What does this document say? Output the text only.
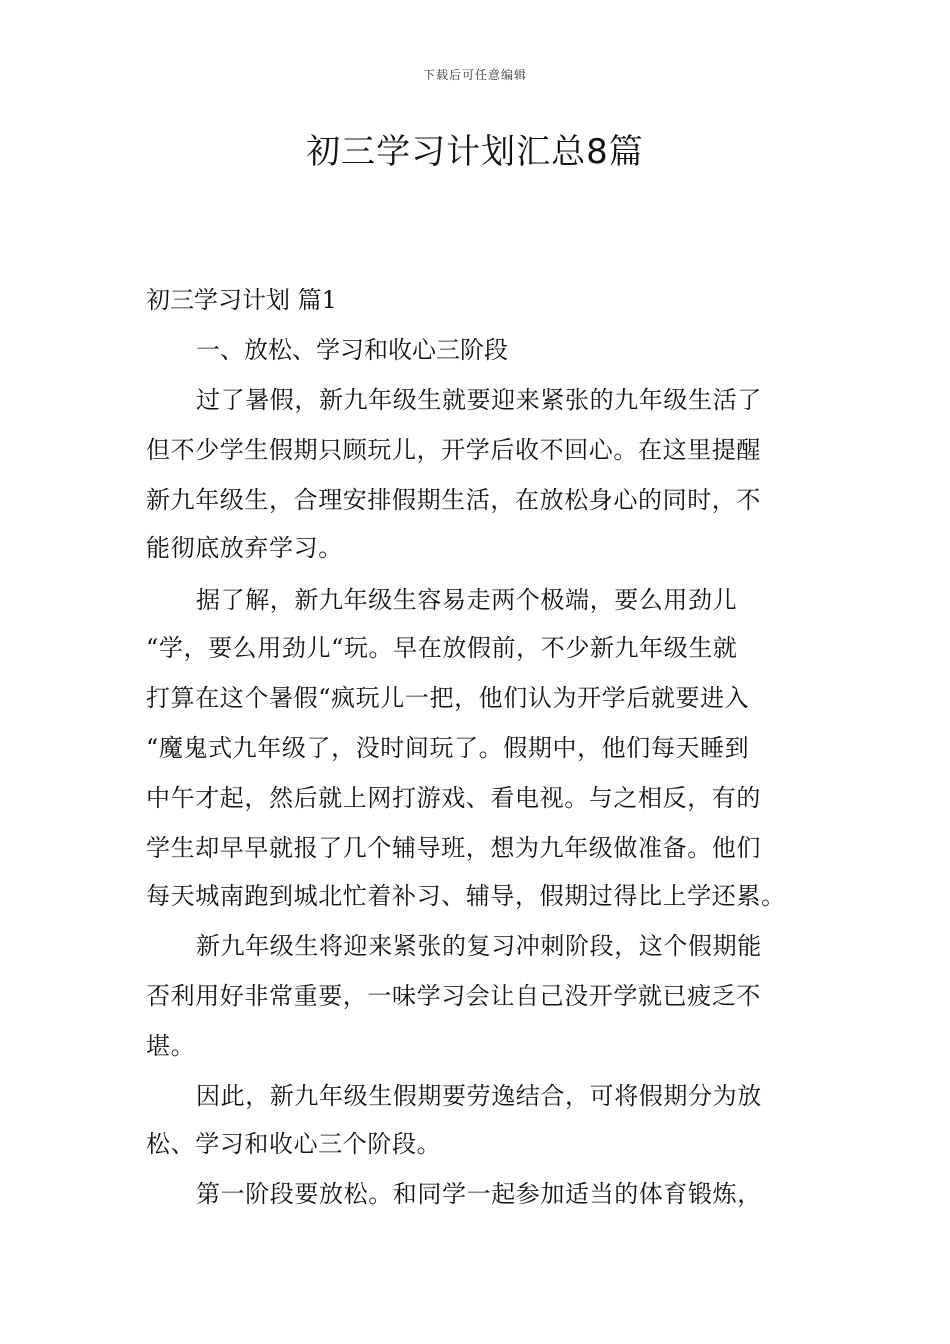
下载后可任意编辑
初三学习计划汇总8篇
初三学习计划 篇1
一、放松、学习和收心三阶段
过了暑假，新九年级生就要迎来紧张的九年级生活了
但不少学生假期只顾玩儿，开学后收不回心。在这里提醒
新九年级生，合理安排假期生活，在放松身心的同时，不
能彻底放弃学习。
据了解，新九年级生容易走两个极端，要么用劲儿
“学，要么用劲儿“玩。早在放假前，不少新九年级生就
打算在这个暑假“疯玩儿一把，他们认为开学后就要进入
“魔鬼式九年级了，没时间玩了。假期中，他们每天睡到
中午才起，然后就上网打游戏、看电视。与之相反，有的
学生却早早就报了几个辅导班，想为九年级做准备。他们
每天城南跑到城北忙着补习、辅导，假期过得比上学还累。
新九年级生将迎来紧张的复习冲刺阶段，这个假期能
否利用好非常重要，一味学习会让自己没开学就已疲乏不
堪。
因此，新九年级生假期要劳逸结合，可将假期分为放
松、学习和收心三个阶段。
第一阶段要放松。和同学一起参加适当的体育锻炼，
